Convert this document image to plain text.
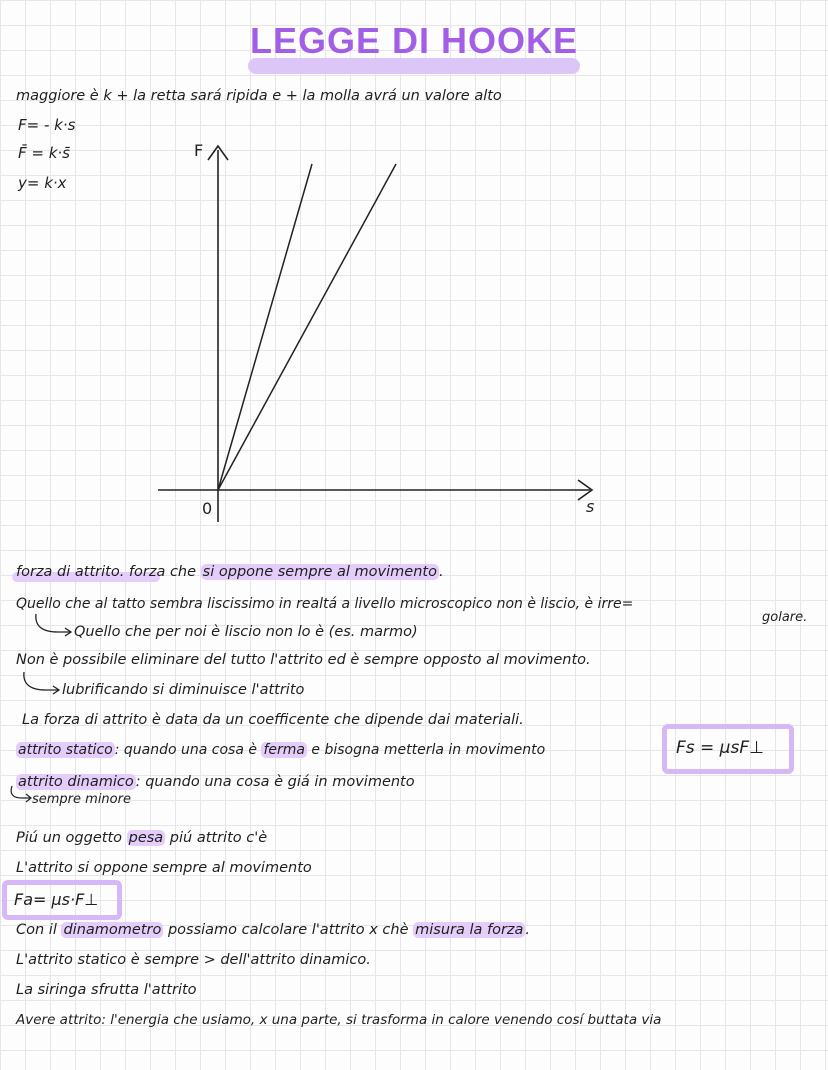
LEGGE DI HOOKE
maggiore è k + la retta sará ripida e + la molla avrá un valore alto
F= - k·s
F̄ = k·s̄
y= k·x
F
s
0
forza di attrito. forza che si oppone sempre al movimento .
Quello che al tatto sembra liscissimo in realtá a livello microscopico non è liscio, è irre=
golare.
Quello che per noi è liscio non lo è (es. marmo)
Non è possibile eliminare del tutto l'attrito ed è sempre opposto al movimento.
lubrificando si diminuisce l'attrito
La forza di attrito è data da un coefficente che dipende dai materiali.
attrito statico : quando una cosa è ferma e bisogna metterla in movimento	Fs = μsF⊥
attrito dinamico : quando una cosa è giá in movimento
sempre minore
Piú un oggetto pesa piú attrito c'è
L'attrito si oppone sempre al movimento
Fa= μs·F⊥
Con il dinamometro possiamo calcolare l'attrito x chè misura la forza .
L'attrito statico è sempre > dell'attrito dinamico.
La siringa sfrutta l'attrito
Avere attrito: l'energia che usiamo, x una parte, si trasforma in calore venendo cosí buttata via
